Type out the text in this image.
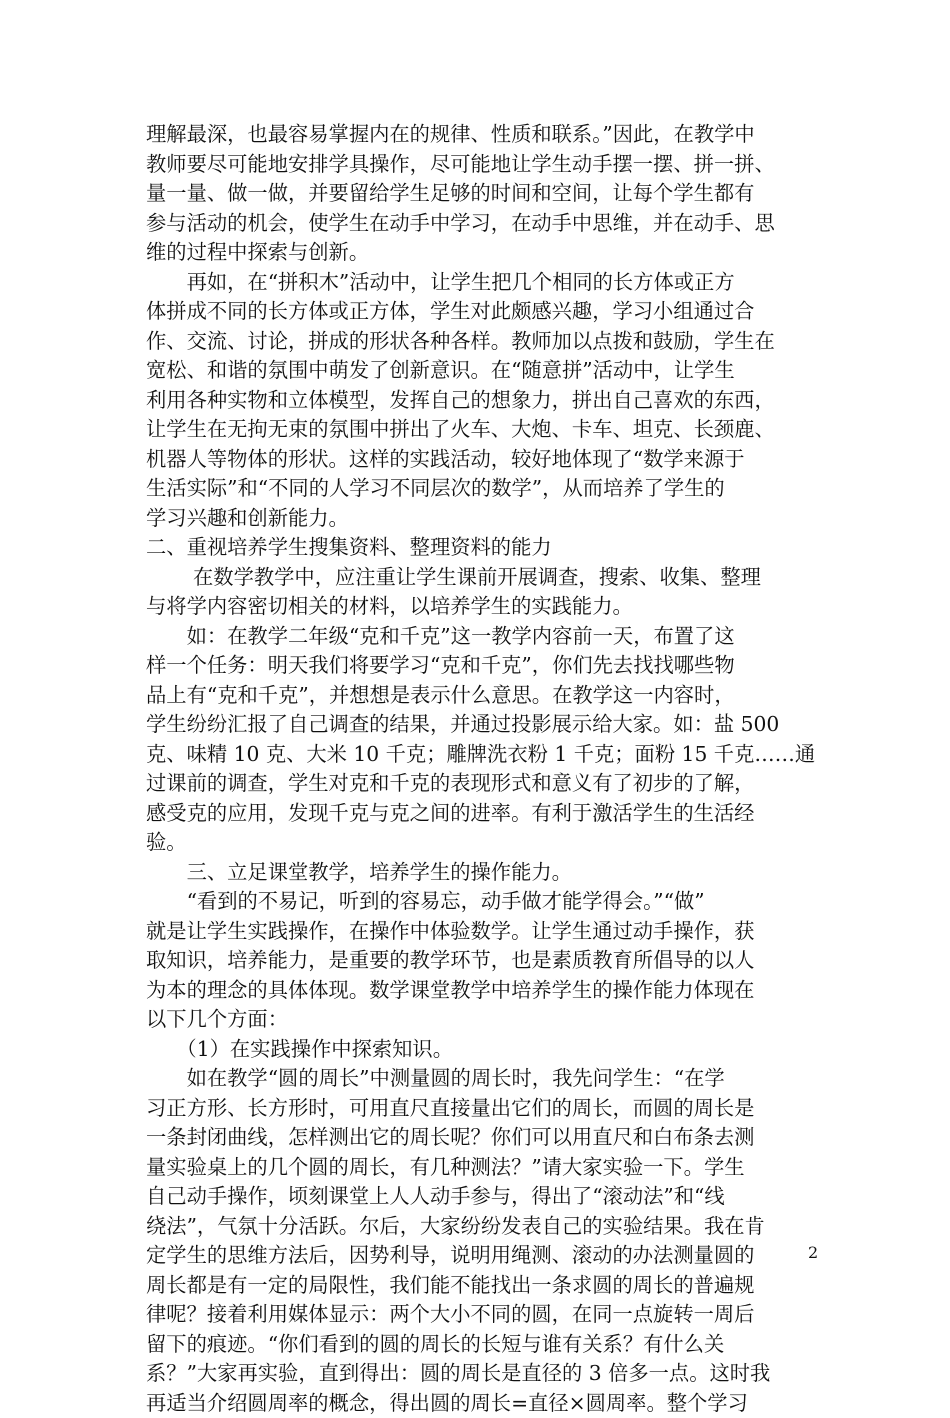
理解最深，也最容易掌握内在的规律、性质和联系。”因此，在教学中
教师要尽可能地安排学具操作，尽可能地让学生动手摆一摆、拼一拼、
量一量、做一做，并要留给学生足够的时间和空间，让每个学生都有
参与活动的机会，使学生在动手中学习，在动手中思维，并在动手、思
维的过程中探索与创新。
　　再如，在“拼积木”活动中，让学生把几个相同的长方体或正方
体拼成不同的长方体或正方体，学生对此颇感兴趣，学习小组通过合
作、交流、讨论，拼成的形状各种各样。教师加以点拨和鼓励，学生在
宽松、和谐的氛围中萌发了创新意识。在“随意拼”活动中，让学生
利用各种实物和立体模型，发挥自己的想象力，拼出自己喜欢的东西，
让学生在无拘无束的氛围中拼出了火车、大炮、卡车、坦克、长颈鹿、
机器人等物体的形状。这样的实践活动，较好地体现了“数学来源于
生活实际”和“不同的人学习不同层次的数学”，从而培养了学生的
学习兴趣和创新能力。
二、重视培养学生搜集资料、整理资料的能力
　　 在数学教学中，应注重让学生课前开展调查，搜索、收集、整理
与将学内容密切相关的材料，以培养学生的实践能力。
　　如：在教学二年级“克和千克”这一教学内容前一天，布置了这
样一个任务：明天我们将要学习“克和千克”，你们先去找找哪些物
品上有“克和千克”，并想想是表示什么意思。在教学这一内容时，
学生纷纷汇报了自己调查的结果，并通过投影展示给大家。如：盐 500
克、味精 10 克、大米 10 千克；雕牌洗衣粉 1 千克；面粉 15 千克……通
过课前的调查，学生对克和千克的表现形式和意义有了初步的了解，
感受克的应用，发现千克与克之间的进率。有利于激活学生的生活经
验。
　　三、立足课堂教学，培养学生的操作能力。
　　“看到的不易记，听到的容易忘，动手做才能学得会。”“做”
就是让学生实践操作，在操作中体验数学。让学生通过动手操作，获
取知识，培养能力，是重要的教学环节，也是素质教育所倡导的以人
为本的理念的具体体现。数学课堂教学中培养学生的操作能力体现在
以下几个方面：
　　（1）在实践操作中探索知识。
　　如在教学“圆的周长”中测量圆的周长时，我先问学生：“在学
习正方形、长方形时，可用直尺直接量出它们的周长，而圆的周长是
一条封闭曲线，怎样测出它的周长呢？你们可以用直尺和白布条去测
量实验桌上的几个圆的周长，有几种测法？”请大家实验一下。学生
自己动手操作，顷刻课堂上人人动手参与，得出了“滚动法”和“线
绕法”，气氛十分活跃。尔后，大家纷纷发表自己的实验结果。我在肯
定学生的思维方法后，因势利导，说明用绳测、滚动的办法测量圆的
周长都是有一定的局限性，我们能不能找出一条求圆的周长的普遍规
律呢？接着利用媒体显示：两个大小不同的圆，在同一点旋转一周后
留下的痕迹。“你们看到的圆的周长的长短与谁有关系？有什么关
系？”大家再实验，直到得出：圆的周长是直径的 3 倍多一点。这时我
再适当介绍圆周率的概念，得出圆的周长=直径×圆周率。整个学习
2
